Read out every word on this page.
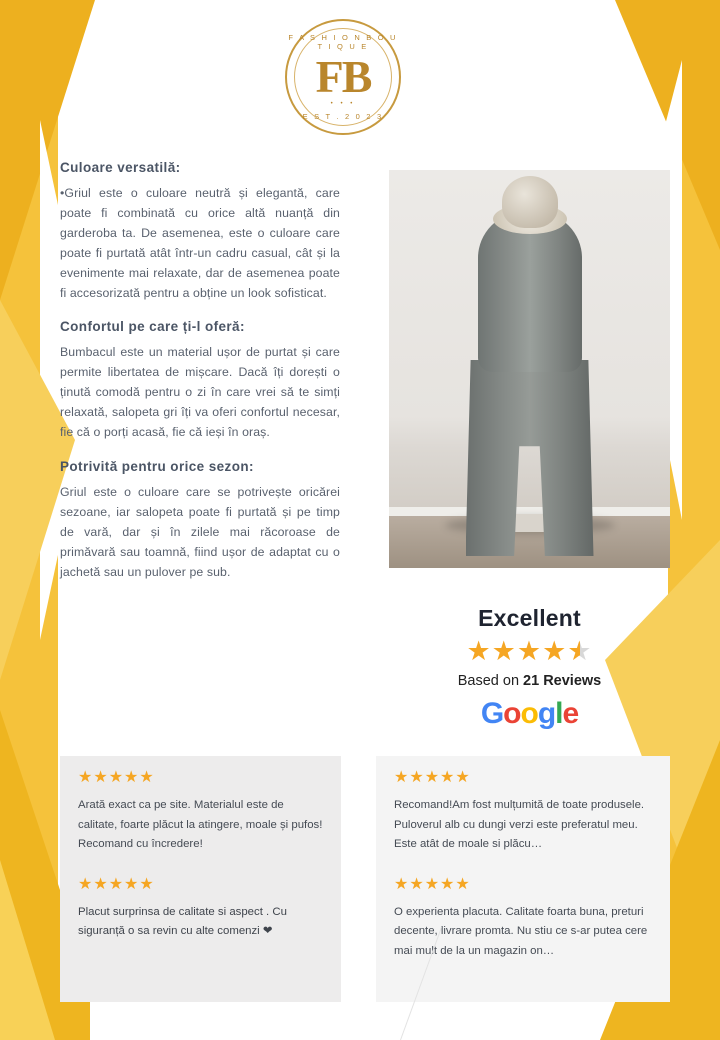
F A S H I O N B O U T I Q U E
FB
• • •
E S T . 2 0 2 3
Culoare versatilă:

•Griul este o culoare neutră și elegantă, care poate fi combinată cu orice altă nuanță din garderoba ta. De asemenea, este o culoare care poate fi purtată atât într-un cadru casual, cât și la evenimente mai relaxate, dar de asemenea poate fi accesorizată pentru a obține un look sofisticat.

Confortul pe care ți-l oferă:

Bumbacul este un material ușor de purtat și care permite libertatea de mișcare. Dacă îți dorești o ținută comodă pentru o zi în care vrei să te simți relaxată, salopeta gri îți va oferi confortul necesar, fie că o porți acasă, fie că ieși în oraș.

Potrivită pentru orice sezon:

Griul este o culoare care se potrivește oricărei sezoane, iar salopeta poate fi purtată și pe timp de vară, dar și în zilele mai răcoroase de primăvară sau toamnă, fiind ușor de adaptat cu o jachetă sau un pulover pe sub.

Excellent
★★★★★
Based on 21 Reviews
Google
★★★★★
Arată exact ca pe site. Materialul este de calitate, foarte plăcut la atingere, moale și pufos! Recomand cu încredere!
★★★★★
Placut surprinsa de calitate si aspect . Cu siguranță o sa revin cu alte comenzi ❤
★★★★★
Recomand!Am fost mulțumită de toate produsele. Puloverul alb cu dungi verzi este preferatul meu. Este atât de moale si plăcu…
★★★★★
O experienta placuta. Calitate foarta buna, preturi decente, livrare promta. Nu stiu ce s-ar putea cere mai mult de la un magazin on…
